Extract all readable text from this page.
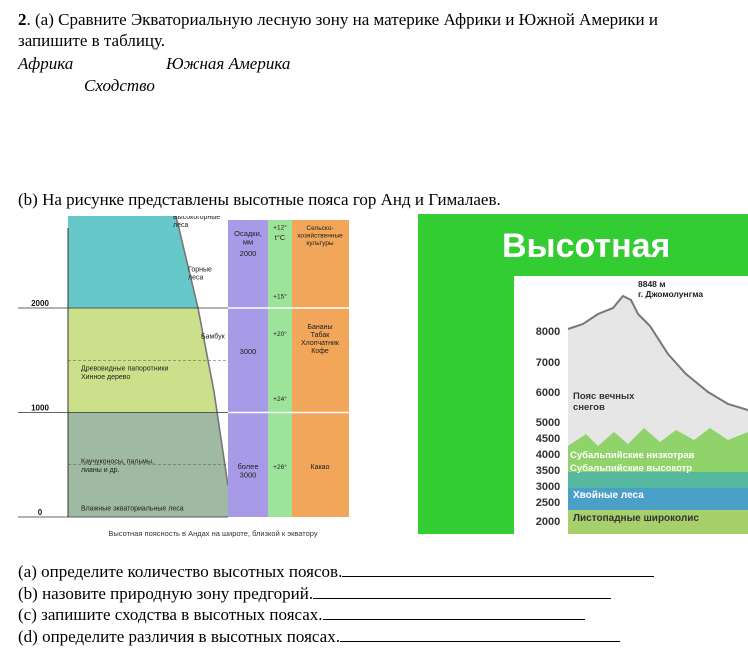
2. (a) Сравните Экваториальную лесную зону на материке Африки и Южной Америки и
запишите в таблицу.
Африка	Южная Америка
Сходство
(b) На рисунке представлены высотные пояса гор Анд и Гималаев.
2000
1000
0
Осадки, мм
t°C
Сельско-хозяйственные культуры
2000
3000
более 3000
+12°
+15°
+20°
+24°
+26°
Бананы Табак Хлопчатник Кофе
Какао
Высокогорные леса
Горные леса
Бамбук
Древовидные папоротники Хинное дерево
Каучуконосы, пальмы, лианы и др.
Влажные экваториальные леса
Высотная поясность в Андах на широте, близкой к экватору
Высотная
8000
7000
6000
5000
4500
4000
3500
3000
2500
2000
8848 м г. Джомолунгма
Пояс вечных снегов
Субальпийские низкотрав
Субальпийские высокотр
Хвойные леса
Листопадные широколис
(a) определите количество высотных поясов.
(b) назовите природную зону предгорий.
(c) запишите сходства в высотных поясах.
(d) определите различия в высотных поясах.
